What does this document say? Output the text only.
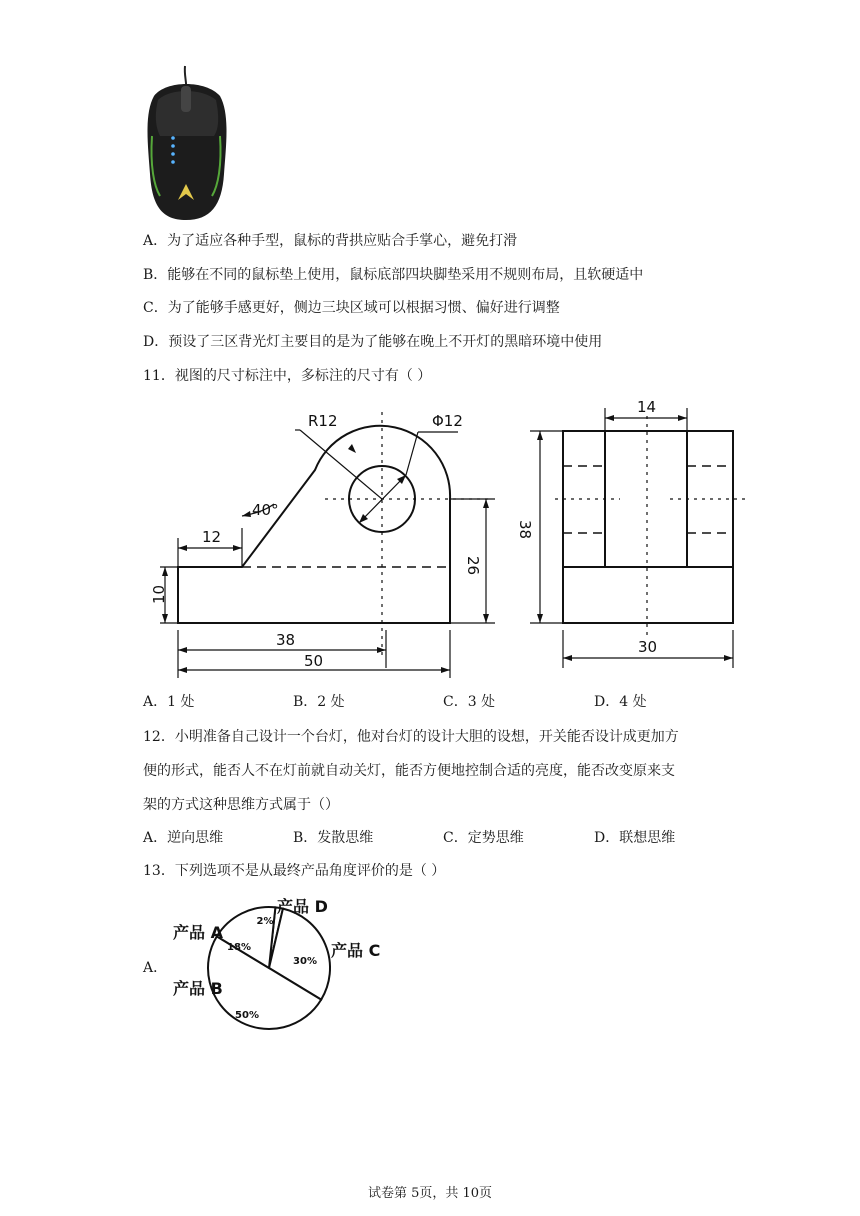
A．为了适应各种手型，鼠标的背拱应贴合手掌心，避免打滑
B．能够在不同的鼠标垫上使用，鼠标底部四块脚垫采用不规则布局，且软硬适中
C．为了能够手感更好，侧边三块区域可以根据习惯、偏好进行调整
D．预设了三区背光灯主要目的是为了能够在晚上不开灯的黑暗环境中使用
11．视图的尺寸标注中，多标注的尺寸有（ ）
R12	Φ12
40°
12
10
38
50
26
14
38
30
A．1 处	B．2 处	C．3 处	D．4 处
12．小明准备自己设计一个台灯，他对台灯的设计大胆的设想，开关能否设计成更加方
便的形式，能否人不在灯前就自动关灯，能否方便地控制合适的亮度，能否改变原来支
架的方式这种思维方式属于（）
A．逆向思维	B．发散思维	C．定势思维	D．联想思维
13．下列选项不是从最终产品角度评价的是（ ）
A．
产品 A
18%
产品 B
50%
产品 C
30%
产品 D
2%
试卷第 5页，共 10页
